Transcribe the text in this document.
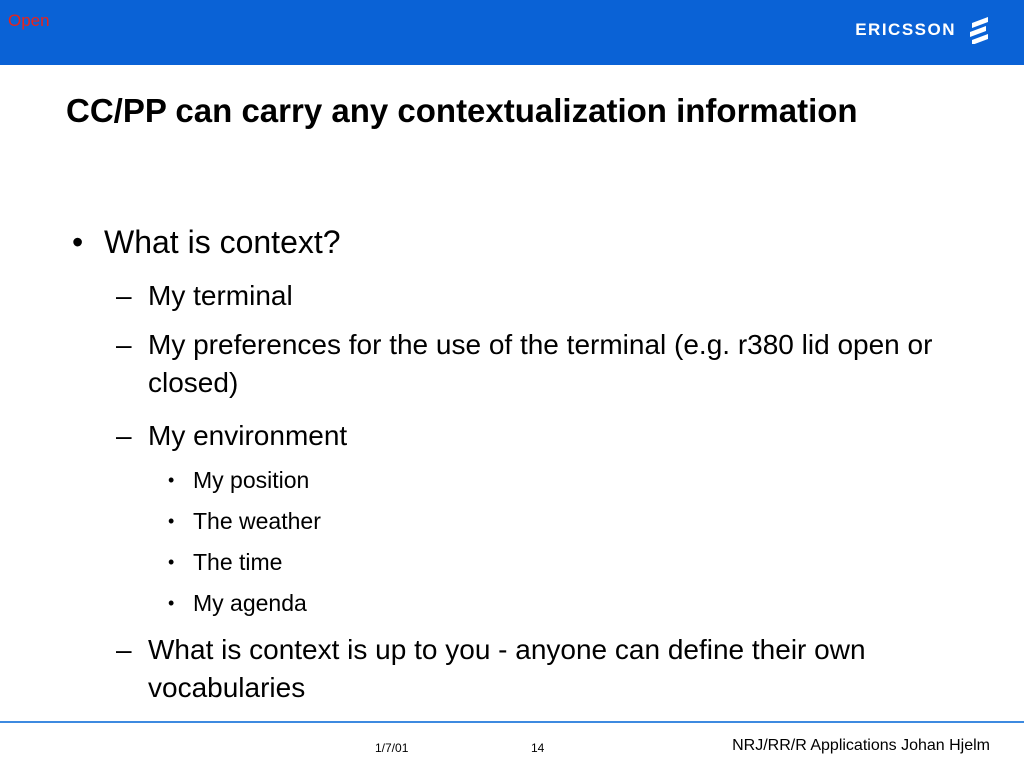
Open	ERICSSON
CC/PP can carry any contextualization information
• What is context?
– My terminal
– My preferences for the use of the terminal (e.g. r380 lid open or closed)
– My environment
• My position
• The weather
• The time
• My agenda
– What is context is up to you - anyone can define their own vocabularies
1/7/01	14	NRJ/RR/R Applications Johan Hjelm
